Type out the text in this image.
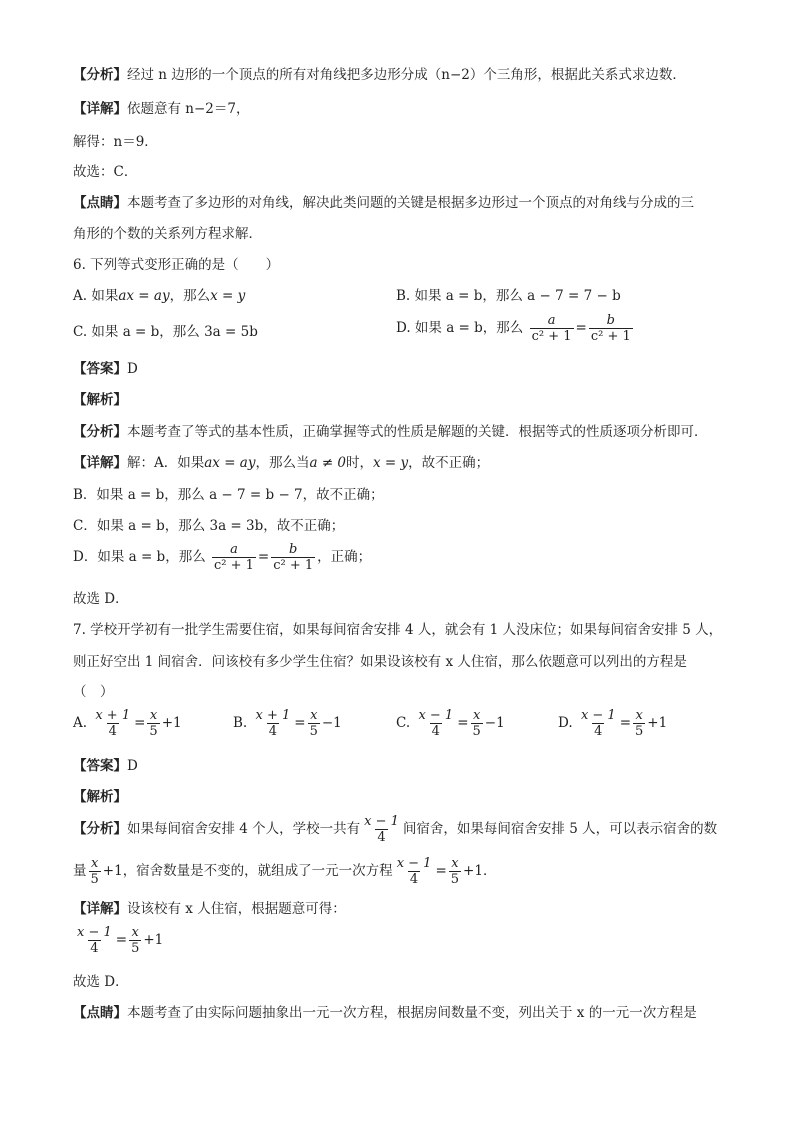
【分析】经过 n 边形的一个顶点的所有对角线把多边形分成（n−2）个三角形，根据此关系式求边数．
【详解】依题意有 n−2＝7，
解得：n＝9．
故选：C．
【点睛】本题考查了多边形的对角线，解决此类问题的关键是根据多边形过一个顶点的对角线与分成的三
角形的个数的关系列方程求解．
6. 下列等式变形正确的是（　　）
A. 如果ax = ay，那么x = y	B. 如果 a = b，那么 a − 7 = 7 − b
C. 如果 a = b，那么 3a = 5b	D. 如果 a = b，那么 $\frac{a}{\text{c² + 1}} = \frac{b}{\text{c² + 1}}$
【答案】D
【解析】
【分析】本题考查了等式的基本性质，正确掌握等式的性质是解题的关键．根据等式的性质逐项分析即可．
【详解】解：A．如果ax = ay，那么当a ≠ 0时，x = y，故不正确；
B．如果 a = b，那么 a − 7 = b − 7，故不正确；
C．如果 a = b，那么 3a = 3b，故不正确；
D．如果 a = b，那么 $\frac{a}{\text{c² + 1}} = \frac{b}{\text{c² + 1}}$ ，正确；
故选 D．
7. 学校开学初有一批学生需要住宿，如果每间宿舍安排 4 人，就会有 1 人没床位；如果每间宿舍安排 5 人，
则正好空出 1 间宿舍．问该校有多少学生住宿？如果设该校有 x 人住宿，那么依题意可以列出的方程是
（　）
A. $\frac{x + 1}{4} = \frac{x}{5} +1$	B. $\frac{x + 1}{4} = \frac{x}{5} -1$	C. $\frac{x - 1}{4} = \frac{x}{5} -1$	D. $\frac{x - 1}{4} = \frac{x}{5} +1$
【答案】D
【解析】
【分析】如果每间宿舍安排 4 个人，学校一共有 $\frac{x - 1}{4}$ 间宿舍，如果每间宿舍安排 5 人，可以表示宿舍的数
量 $\frac{x}{5} +1$，宿舍数量是不变的，就组成了一元一次方程 $\frac{x - 1}{4} = \frac{x}{5} +1$．
【详解】设该校有 x 人住宿，根据题意可得：
$\frac{x - 1}{4} = \frac{x}{5} +1$
故选 D．
【点睛】本题考查了由实际问题抽象出一元一次方程，根据房间数量不变，列出关于 x 的一元一次方程是
